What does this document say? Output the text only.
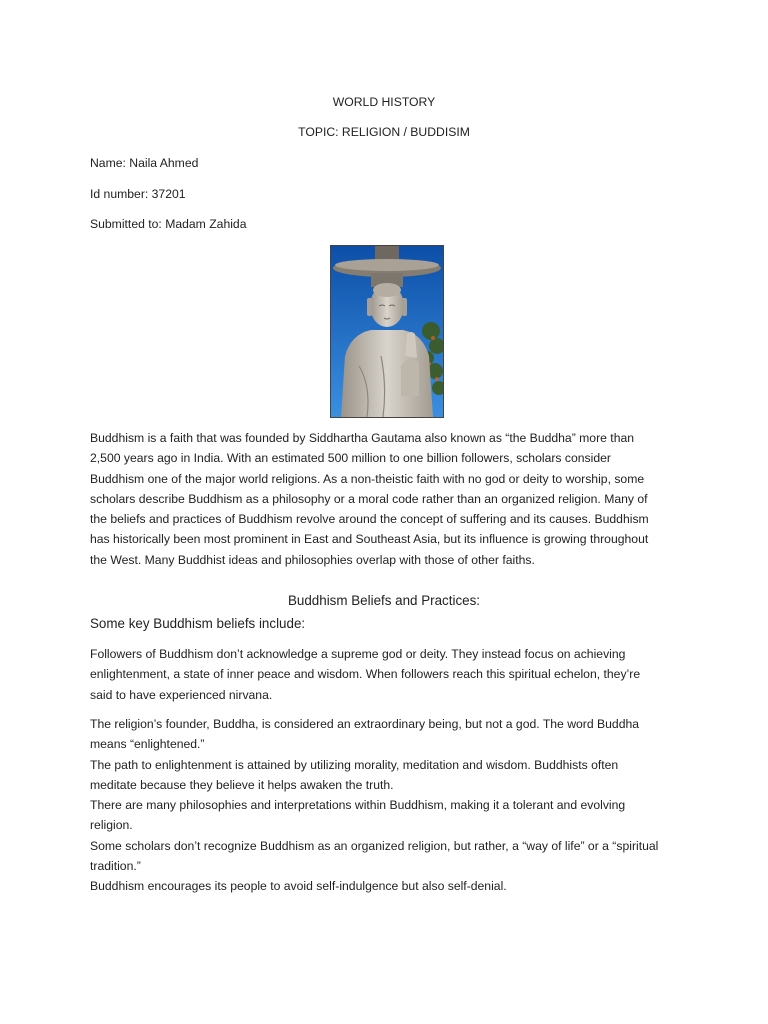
WORLD HISTORY
TOPIC: RELIGION / BUDDISIM
Name: Naila Ahmed
Id number: 37201
Submitted to: Madam Zahida
Buddhism is a faith that was founded by Siddhartha Gautama also known as “the Buddha” more than
2,500 years ago in India. With an estimated 500 million to one billion followers, scholars consider
Buddhism one of the major world religions. As a non-theistic faith with no god or deity to worship, some
scholars describe Buddhism as a philosophy or a moral code rather than an organized religion. Many of
the beliefs and practices of Buddhism revolve around the concept of suffering and its causes. Buddhism
has historically been most prominent in East and Southeast Asia, but its influence is growing throughout
the West. Many Buddhist ideas and philosophies overlap with those of other faiths.
Buddhism Beliefs and Practices:
Some key Buddhism beliefs include:
Followers of Buddhism don’t acknowledge a supreme god or deity. They instead focus on achieving
enlightenment, a state of inner peace and wisdom. When followers reach this spiritual echelon, they’re
said to have experienced nirvana.
The religion’s founder, Buddha, is considered an extraordinary being, but not a god. The word Buddha
means “enlightened.”
The path to enlightenment is attained by utilizing morality, meditation and wisdom. Buddhists often
meditate because they believe it helps awaken the truth.
There are many philosophies and interpretations within Buddhism, making it a tolerant and evolving
religion.
Some scholars don’t recognize Buddhism as an organized religion, but rather, a “way of life” or a “spiritual
tradition.”
Buddhism encourages its people to avoid self-indulgence but also self-denial.
